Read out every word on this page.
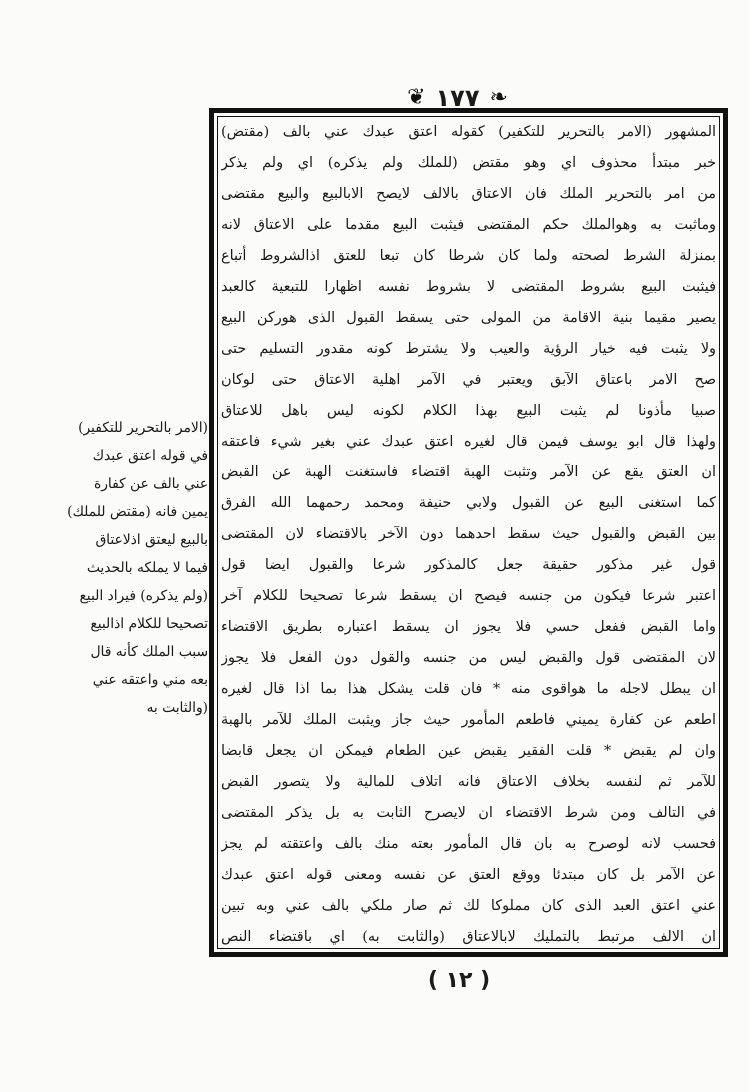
❦ ١٧٧ ❧
المشهور (الامر بالتحرير للتكفير) كقوله اعتق عبدك عني بالف (مقتض)
خبر مبتدأ محذوف اي وهو مقتض (للملك ولم يذكره) اي ولم يذكر
من امر بالتحرير الملك فان الاعتاق بالالف لايصح الابالبيع والبيع مقتضى
وماثبت به وهوالملك حكم المقتضى فيثبت البيع مقدما على الاعتاق لانه
بمنزلة الشرط لصحته ولما كان شرطا كان تبعا للعتق اذالشروط أتباع
فيثبت البيع بشروط المقتضى لا بشروط نفسه اظهارا للتبعية كالعبد
يصير مقيما بنية الاقامة من المولى حتى يسقط القبول الذى هوركن البيع
ولا يثبت فيه خيار الرؤية والعيب ولا يشترط كونه مقدور التسليم حتى
صح الامر باعتاق الآبق ويعتبر في الآمر اهلية الاعتاق حتى لوكان
صبيا مأذونا لم يثبت البيع بهذا الكلام لكونه ليس باهل للاعتاق
ولهذا قال ابو يوسف فيمن قال لغيره اعتق عبدك عني بغير شيء فاعتقه
ان العتق يقع عن الآمر وتثبت الهبة اقتضاء فاستغنت الهبة عن القبض
كما استغنى البيع عن القبول ولابي حنيفة ومحمد رحمهما الله الفرق
بين القبض والقبول حيث سقط احدهما دون الآخر بالاقتضاء لان المقتضى
قول غير مذكور حقيقة جعل كالمذكور شرعا والقبول ايضا قول
اعتبر شرعا فيكون من جنسه فيصح ان يسقط شرعا تصحيحا للكلام آخر
واما القبض ففعل حسي فلا يجوز ان يسقط اعتباره بطريق الاقتضاء
لان المقتضى قول والقبض ليس من جنسه والقول دون الفعل فلا يجوز
ان يبطل لاجله ما هواقوى منه * فان قلت يشكل هذا بما اذا قال لغيره
اطعم عن كفارة يميني فاطعم المأمور حيث جاز ويثبت الملك للآمر بالهبة
وان لم يقبض * قلت الفقير يقبض عين الطعام فيمكن ان يجعل قابضا
للآمر ثم لنفسه بخلاف الاعتاق فانه اتلاف للمالية ولا يتصور القبض
في التالف ومن شرط الاقتضاء ان لايصرح الثابت به بل يذكر المقتضى
فحسب لانه لوصرح به بان قال المأمور بعته منك بالف واعتقته لم يجز
عن الآمر بل كان مبتدئا ووقع العتق عن نفسه ومعنى قوله اعتق عبدك
عني اعتق العبد الذى كان مملوكا لك ثم صار ملكي بالف عني وبه تبين
ان الالف مرتبط بالتمليك لابالاعتاق (والثابت به) اي باقتضاء النص
(الامر بالتحرير للتكفير)
في قوله اعتق عبدك
عني بالف عن كفارة
يمين فانه (مقتض للملك)
بالبيع ليعتق اذلاعتاق
فيما لا يملكه بالحديث
(ولم يذكره) فيراد البيع
تصحيحا للكلام اذالبيع
سبب الملك كأنه قال
بعه مني واعتقه عني
(والثابت به
( ١٢ )
